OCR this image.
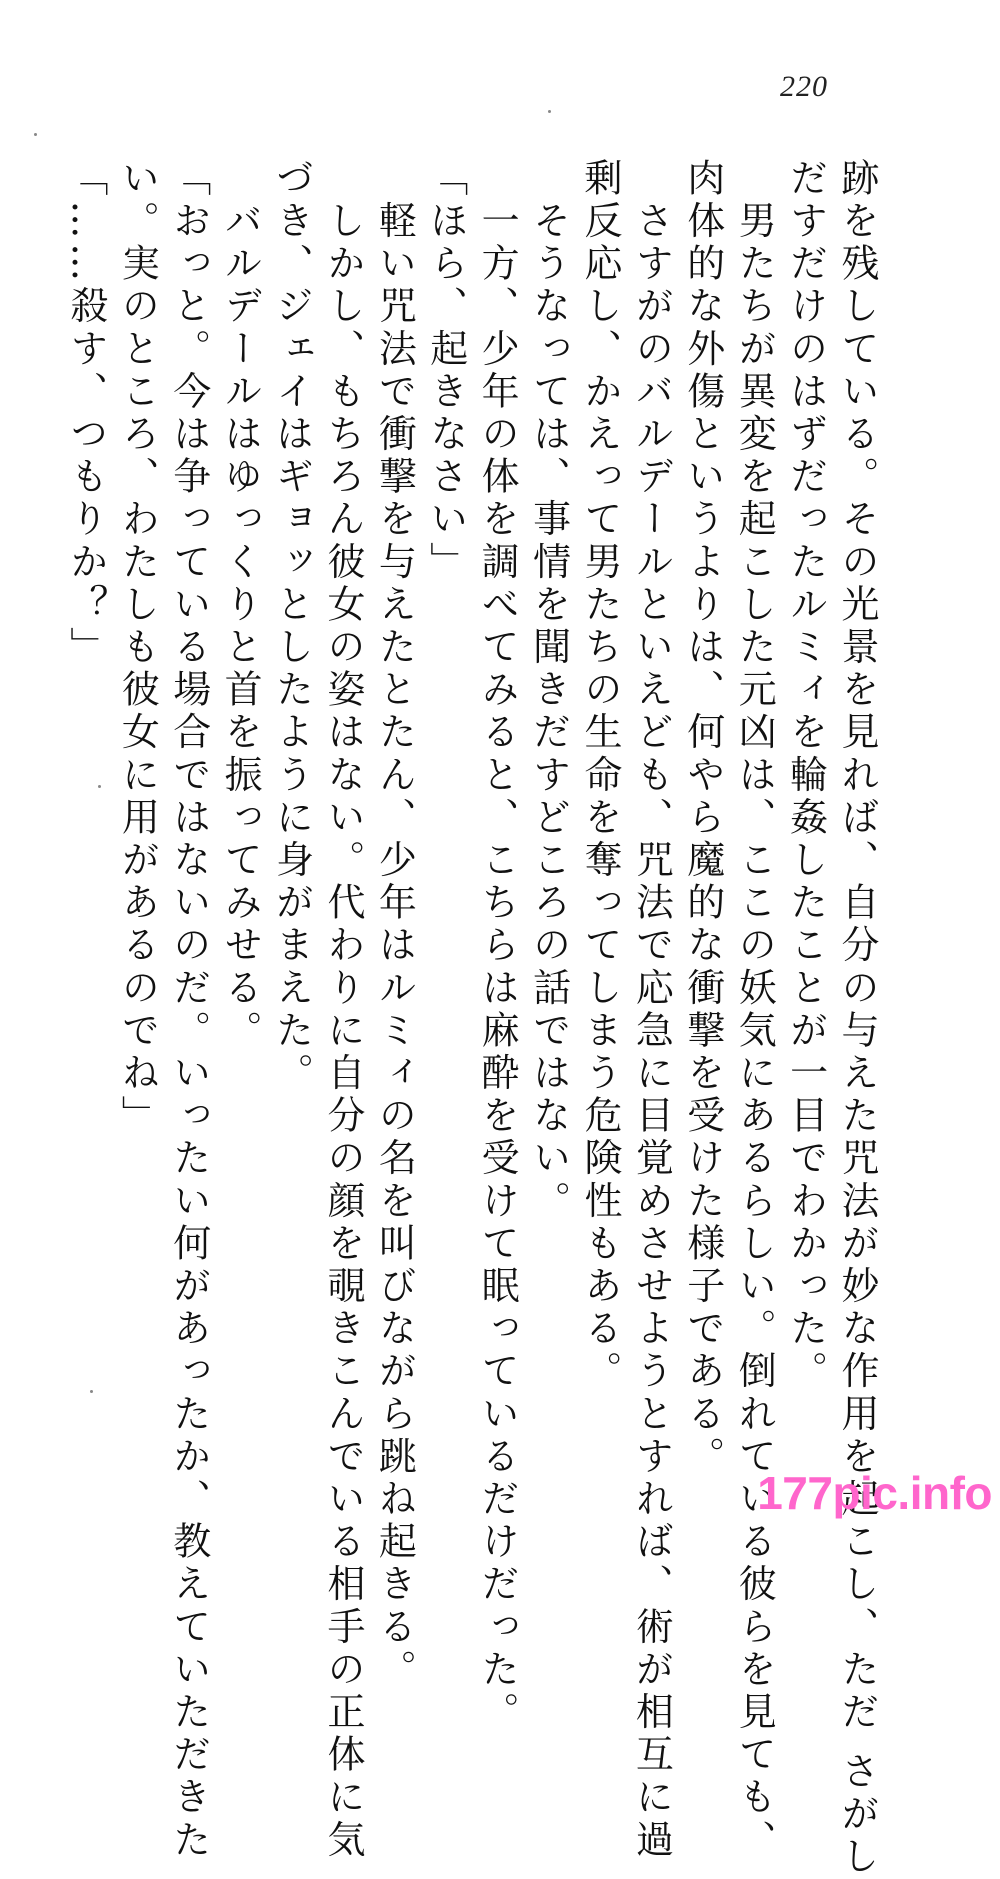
220
跡を残している。その光景を見れば、自分の与えた咒法が妙な作用を起こし、ただ さがし
だすだけのはずだったルミィを輪姦したことが一目でわかった。
　男たちが異変を起こした元凶は、ここの妖気にあるらしい。倒れている彼らを見ても、
肉体的な外傷というよりは、何やら魔的な衝撃を受けた様子である。
　さすがのバルデールといえども、咒法で応急に目覚めさせようとすれば、術が相互に過
剰反応し、かえって男たちの生命を奪ってしまう危険性もある。
　そうなっては、事情を聞きだすどころの話ではない。
　一方、少年の体を調べてみると、こちらは麻酔を受けて眠っているだけだった。
「ほら、起きなさい」
　軽い咒法で衝撃を与えたとたん、少年はルミィの名を叫びながら跳ね起きる。
　しかし、もちろん彼女の姿はない。代わりに自分の顔を覗きこんでいる相手の正体に気
づき、ジェイはギョッとしたように身がまえた。
　バルデールはゆっくりと首を振ってみせる。
「おっと。今は争っている場合ではないのだ。いったい何があったか、教えていただきた
い。実のところ、わたしも彼女に用があるのでね」
「……殺す、つもりか？」
177pic.info
